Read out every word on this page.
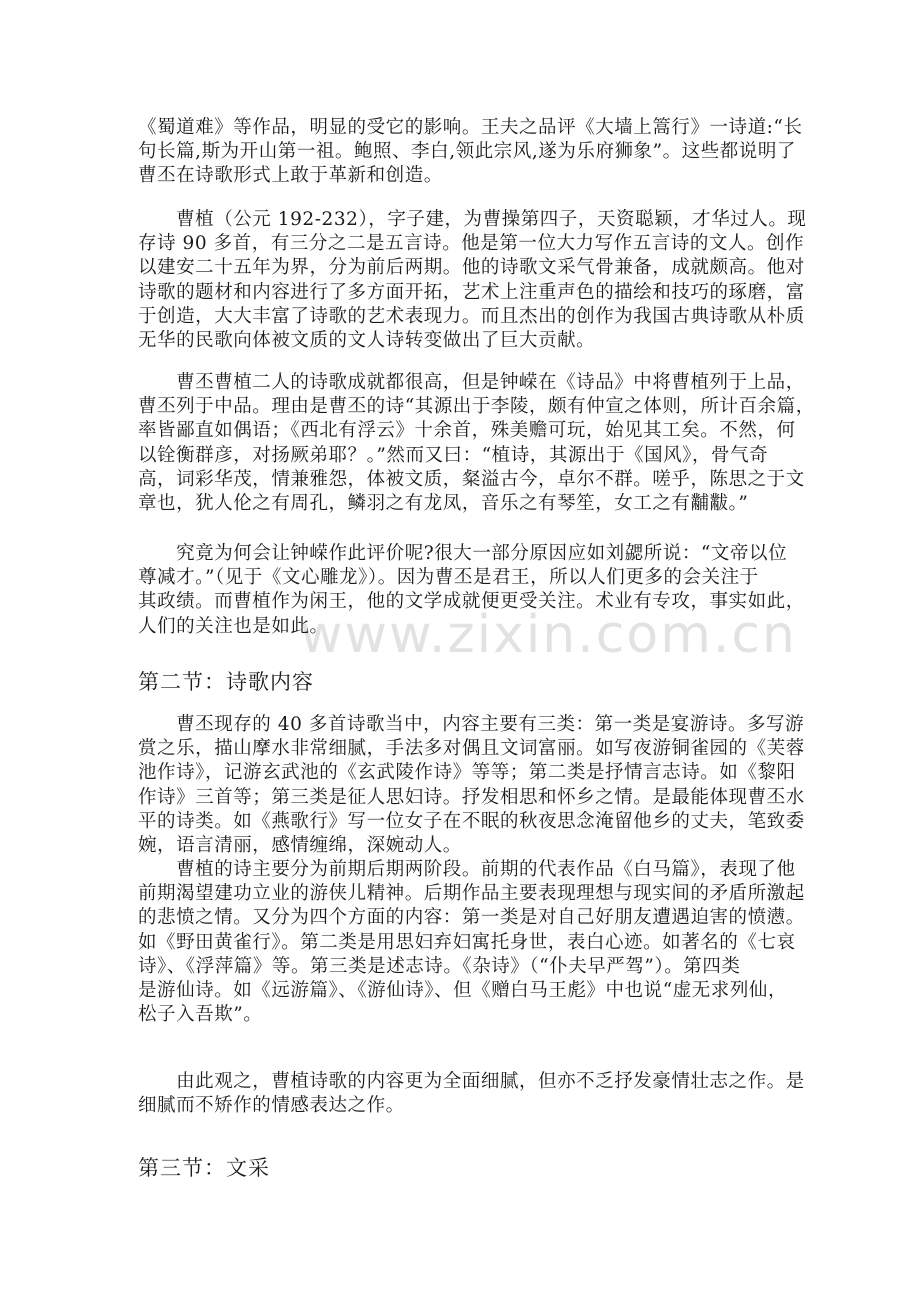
www.zixin.com.cn

《蜀道难》等作品，明显的受它的影响。王夫之品评《大墙上篙行》一诗道:“长
句长篇,斯为开山第一祖。鲍照、李白,领此宗风,遂为乐府狮象”。这些都说明了
曹丕在诗歌形式上敢于革新和创造。

　　曹植（公元 192-232），字子建，为曹操第四子，天资聪颖，才华过人。现
存诗 90 多首，有三分之二是五言诗。他是第一位大力写作五言诗的文人。创作
以建安二十五年为界，分为前后两期。他的诗歌文采气骨兼备，成就颇高。他对
诗歌的题材和内容进行了多方面开拓，艺术上注重声色的描绘和技巧的琢磨，富
于创造，大大丰富了诗歌的艺术表现力。而且杰出的创作为我国古典诗歌从朴质
无华的民歌向体被文质的文人诗转变做出了巨大贡献。

　　曹丕曹植二人的诗歌成就都很高，但是钟嵘在《诗品》中将曹植列于上品，
曹丕列于中品。理由是曹丕的诗“其源出于李陵，颇有仲宣之体则，所计百余篇，
率皆鄙直如偶语；《西北有浮云》十余首，殊美赡可玩，始见其工矣。不然，何
以铨衡群彦，对扬厥弟耶？。”然而又曰：“植诗，其源出于《国风》，骨气奇
高，词彩华茂，情兼雅怨，体被文质，粲溢古今，卓尔不群。嗟乎，陈思之于文
章也，犹人伦之有周孔，鳞羽之有龙凤，音乐之有琴笙，女工之有黼黻。”

　　究竟为何会让钟嵘作此评价呢?很大一部分原因应如刘勰所说：“文帝以位
尊减才。”（见于《文心雕龙》）。因为曹丕是君王，所以人们更多的会关注于
其政绩。而曹植作为闲王，他的文学成就便更受关注。术业有专攻，事实如此，
人们的关注也是如此。

第二节：诗歌内容

　　曹丕现存的 40 多首诗歌当中，内容主要有三类：第一类是宴游诗。多写游
赏之乐，描山摩水非常细腻，手法多对偶且文词富丽。如写夜游铜雀园的《芙蓉
池作诗》，记游玄武池的《玄武陵作诗》等等；第二类是抒情言志诗。如《黎阳
作诗》三首等；第三类是征人思妇诗。抒发相思和怀乡之情。是最能体现曹丕水
平的诗类。如《燕歌行》写一位女子在不眠的秋夜思念淹留他乡的丈夫，笔致委
婉，语言清丽，感情缠绵，深婉动人。

　　曹植的诗主要分为前期后期两阶段。前期的代表作品《白马篇》，表现了他
前期渴望建功立业的游侠儿精神。后期作品主要表现理想与现实间的矛盾所激起
的悲愤之情。又分为四个方面的内容：第一类是对自己好朋友遭遇迫害的愤懑。
如《野田黄雀行》。第二类是用思妇弃妇寓托身世，表白心迹。如著名的《七哀
诗》、《浮萍篇》等。第三类是述志诗。《杂诗》（“仆夫早严驾”）。第四类
是游仙诗。如《远游篇》、《游仙诗》、但《赠白马王彪》中也说“虚无求列仙，
松子入吾欺”。

　　由此观之，曹植诗歌的内容更为全面细腻，但亦不乏抒发豪情壮志之作。是
细腻而不矫作的情感表达之作。

第三节：文采
